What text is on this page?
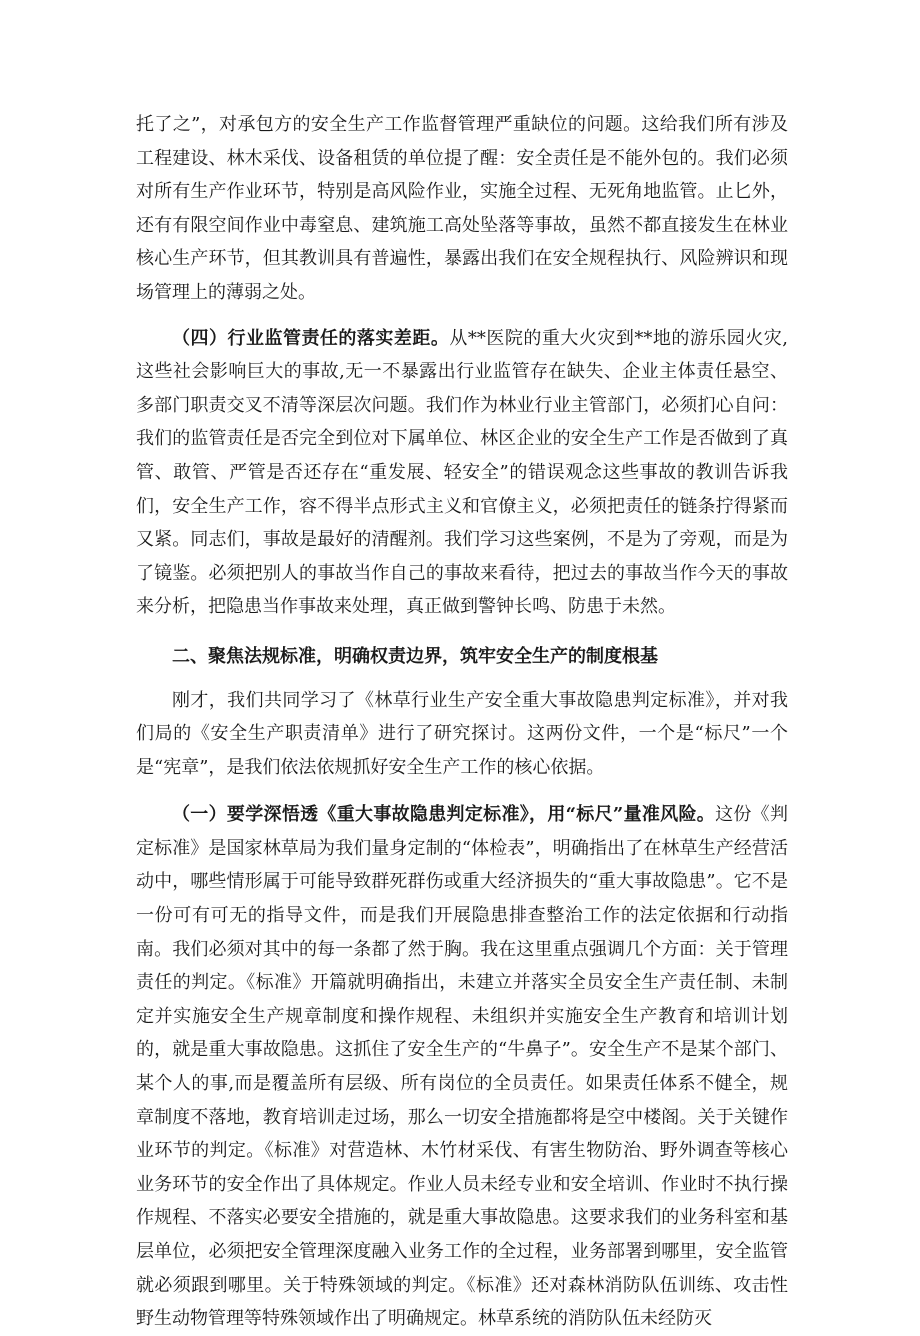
托了之”，对承包方的安全生产工作监督管理严重缺位的问题。这给我们所有涉及工程建设、林木采伐、设备租赁的单位提了醒：安全责任是不能外包的。我们必须对所有生产作业环节，特别是高风险作业，实施全过程、无死角地监管。止匕外，还有有限空间作业中毒窒息、建筑施工高处坠落等事故，虽然不都直接发生在林业核心生产环节，但其教训具有普遍性，暴露出我们在安全规程执行、风险辨识和现场管理上的薄弱之处。

（四）行业监管责任的落实差距。从**医院的重大火灾到**地的游乐园火灾,这些社会影响巨大的事故,无一不暴露出行业监管存在缺失、企业主体责任悬空、多部门职责交叉不清等深层次问题。我们作为林业行业主管部门，必须扪心自问：我们的监管责任是否完全到位对下属单位、林区企业的安全生产工作是否做到了真管、敢管、严管是否还存在“重发展、轻安全”的错误观念这些事故的教训告诉我们，安全生产工作，容不得半点形式主义和官僚主义，必须把责任的链条拧得紧而又紧。同志们，事故是最好的清醒剂。我们学习这些案例，不是为了旁观，而是为了镜鉴。必须把别人的事故当作自己的事故来看待，把过去的事故当作今天的事故来分析，把隐患当作事故来处理，真正做到警钟长鸣、防患于未然。

二、聚焦法规标准，明确权责边界，筑牢安全生产的制度根基

刚才，我们共同学习了《林草行业生产安全重大事故隐患判定标准》，并对我们局的《安全生产职责清单》进行了研究探讨。这两份文件，一个是“标尺”一个是“宪章”，是我们依法依规抓好安全生产工作的核心依据。

（一）要学深悟透《重大事故隐患判定标准》，用“标尺”量准风险。这份《判定标准》是国家林草局为我们量身定制的“体检表”，明确指出了在林草生产经营活动中，哪些情形属于可能导致群死群伤或重大经济损失的“重大事故隐患”。它不是一份可有可无的指导文件，而是我们开展隐患排查整治工作的法定依据和行动指南。我们必须对其中的每一条都了然于胸。我在这里重点强调几个方面：关于管理责任的判定。《标准》开篇就明确指出，未建立并落实全员安全生产责任制、未制定并实施安全生产规章制度和操作规程、未组织并实施安全生产教育和培训计划的，就是重大事故隐患。这抓住了安全生产的“牛鼻子”。安全生产不是某个部门、某个人的事,而是覆盖所有层级、所有岗位的全员责任。如果责任体系不健全，规章制度不落地，教育培训走过场，那么一切安全措施都将是空中楼阁。关于关键作业环节的判定。《标准》对营造林、木竹材采伐、有害生物防治、野外调查等核心业务环节的安全作出了具体规定。作业人员未经专业和安全培训、作业时不执行操作规程、不落实必要安全措施的，就是重大事故隐患。这要求我们的业务科室和基层单位，必须把安全管理深度融入业务工作的全过程，业务部署到哪里，安全监管就必须跟到哪里。关于特殊领域的判定。《标准》还对森林消防队伍训练、攻击性野生动物管理等特殊领域作出了明确规定。林草系统的消防队伍未经防灭
